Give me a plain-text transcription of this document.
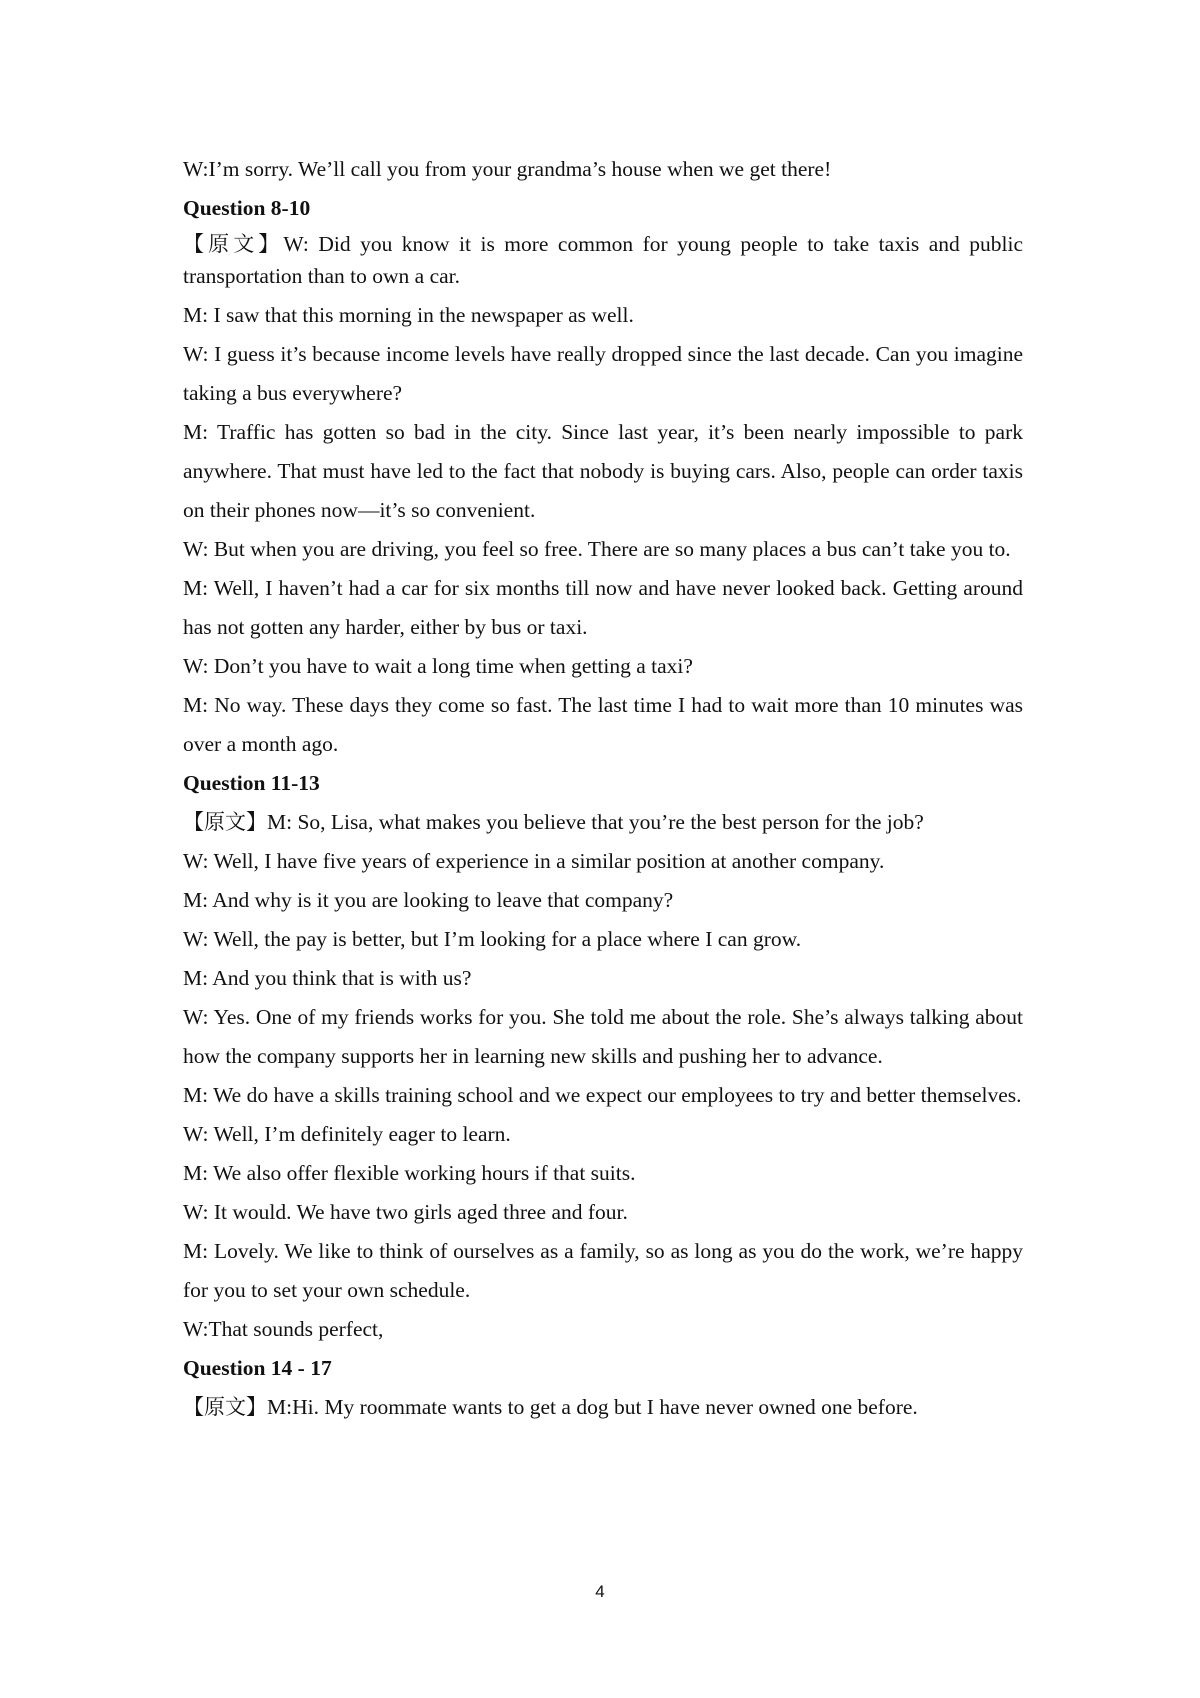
W:I’m sorry. We’ll call you from your grandma’s house when we get there!

Question 8-10

【原文】W: Did you know it is more common for young people to take taxis and public transportation than to own a car.

M: I saw that this morning in the newspaper as well.

W: I guess it’s because income levels have really dropped since the last decade. Can you imagine taking a bus everywhere?

M: Traffic has gotten so bad in the city. Since last year, it’s been nearly impossible to park anywhere. That must have led to the fact that nobody is buying cars. Also, people can order taxis on their phones now—it’s so convenient.

W: But when you are driving, you feel so free. There are so many places a bus can’t take you to.

M: Well, I haven’t had a car for six months till now and have never looked back. Getting around has not gotten any harder, either by bus or taxi.

W: Don’t you have to wait a long time when getting a taxi?

M: No way. These days they come so fast. The last time I had to wait more than 10 minutes was over a month ago.

Question 11-13

【原文】M: So, Lisa, what makes you believe that you’re the best person for the job?

W: Well, I have five years of experience in a similar position at another company.

M: And why is it you are looking to leave that company?

W: Well, the pay is better, but I’m looking for a place where I can grow.

M: And you think that is with us?

W: Yes. One of my friends works for you. She told me about the role. She’s always talking about how the company supports her in learning new skills and pushing her to advance.

M: We do have a skills training school and we expect our employees to try and better themselves.

W: Well, I’m definitely eager to learn.

M: We also offer flexible working hours if that suits.

W: It would. We have two girls aged three and four.

M: Lovely. We like to think of ourselves as a family, so as long as you do the work, we’re happy for you to set your own schedule.

W:That sounds perfect,

Question 14 - 17

【原文】M:Hi. My roommate wants to get a dog but I have never owned one before.

4
